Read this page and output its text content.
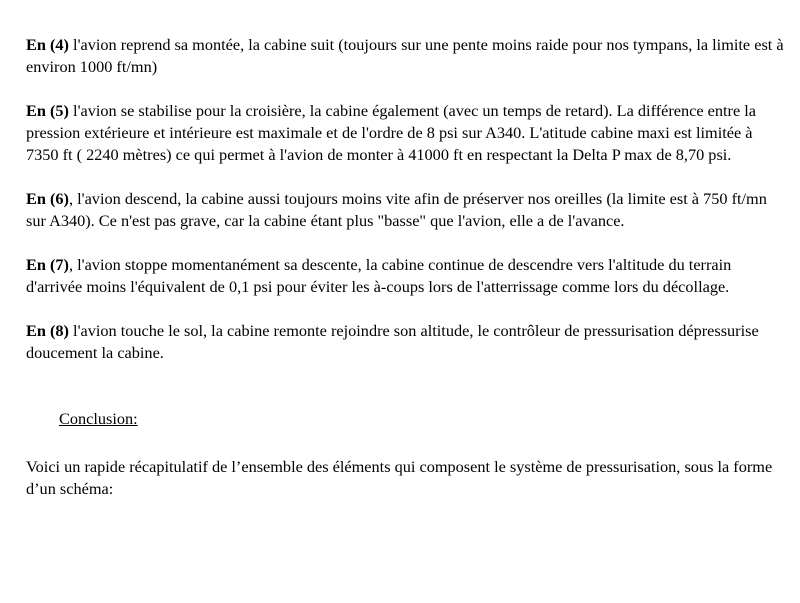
En (4) l'avion reprend sa montée, la cabine suit (toujours sur une pente moins raide pour nos tympans, la limite est à environ 1000 ft/mn)

En (5) l'avion se stabilise pour la croisière, la cabine également (avec un temps de retard). La différence entre la pression extérieure et intérieure est maximale et de l'ordre de 8 psi sur A340. L'atitude cabine maxi est limitée à 7350 ft ( 2240 mètres) ce qui permet à l'avion de monter à 41000 ft en respectant la Delta P max de 8,70 psi.

En (6), l'avion descend, la cabine aussi toujours moins vite afin de préserver nos oreilles (la limite est à 750 ft/mn sur A340). Ce n'est pas grave, car la cabine étant plus "basse" que l'avion, elle a de l'avance.

En (7), l'avion stoppe momentanément sa descente, la cabine continue de descendre vers l'altitude du terrain d'arrivée moins l'équivalent de 0,1 psi pour éviter les à-coups lors de l'atterrissage comme lors du décollage.

En (8) l'avion touche le sol, la cabine remonte rejoindre son altitude, le contrôleur de pressurisation dépressurise doucement la cabine.

Conclusion:

Voici un rapide récapitulatif de l’ensemble des éléments qui composent le système de pressurisation, sous la forme d’un schéma:
